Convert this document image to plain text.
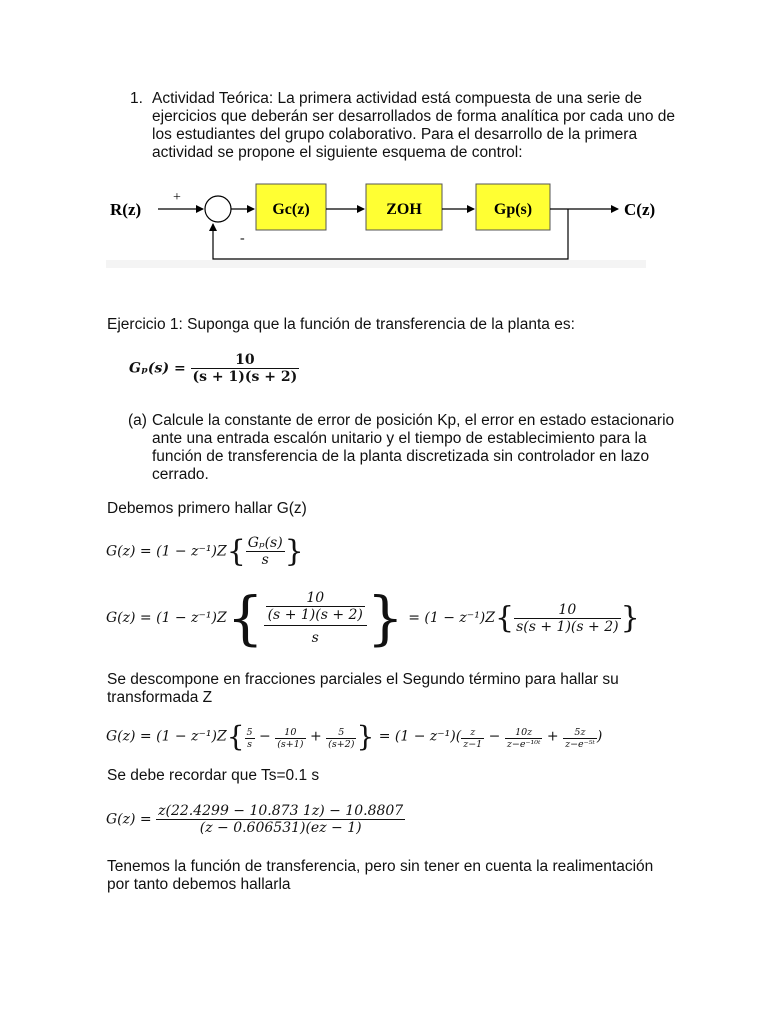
1. Actividad Teórica: La primera actividad está compuesta de una serie de
ejercicios que deberán ser desarrollados de forma analítica por cada uno de
los estudiantes del grupo colaborativo. Para el desarrollo de la primera
actividad se propone el siguiente esquema de control:
R(z)
+
Gc(z)	ZOH	Gp(s)	C(z)
-
Ejercicio 1: Suponga que la función de transferencia de la planta es:
$G_p(s) = \frac{10}{(s + 1)(s + 2)}$
(a) Calcule la constante de error de posición Kp, el error en estado estacionario
ante una entrada escalón unitario y el tiempo de establecimiento para la
función de transferencia de la planta discretizada sin controlador en lazo
cerrado.
Debemos primero hallar G(z)
$G(z) = (1 - z^{-1})Z\{ \frac{\text{Gₚ(s)}}{s}$ }
$G(z) = (1 - z^{-1})Z\{ \frac{\frac{10}{(s + 1)(s + 2)}}{s}$ } = $(1 - z^{-1})Z\{ \frac{10}{s(s + 1)(s + 2)}$ }
Se descompone en fracciones parciales el Segundo término para hallar su
transformada Z
$G(z) = (1 - z^{-1})Z\{ \frac{5}{s} - \frac{10}{(s+1)} + \frac{5}{(s+2)}$ } = $(1 - z^{-1})( \frac{z}{z-1} - \frac{10z}{\text{z−e⁻¹⁰ᵗ}} + \frac{5z}{\text{z−e⁻⁵ᵗ}}$ )
Se debe recordar que Ts=0.1 s
$G(z) = \frac{z(22.4299 - 10.873 1z) - 10.8807}{(z - 0.606531)(ez - 1)}$
Tenemos la función de transferencia, pero sin tener en cuenta la realimentación
por tanto debemos hallarla
